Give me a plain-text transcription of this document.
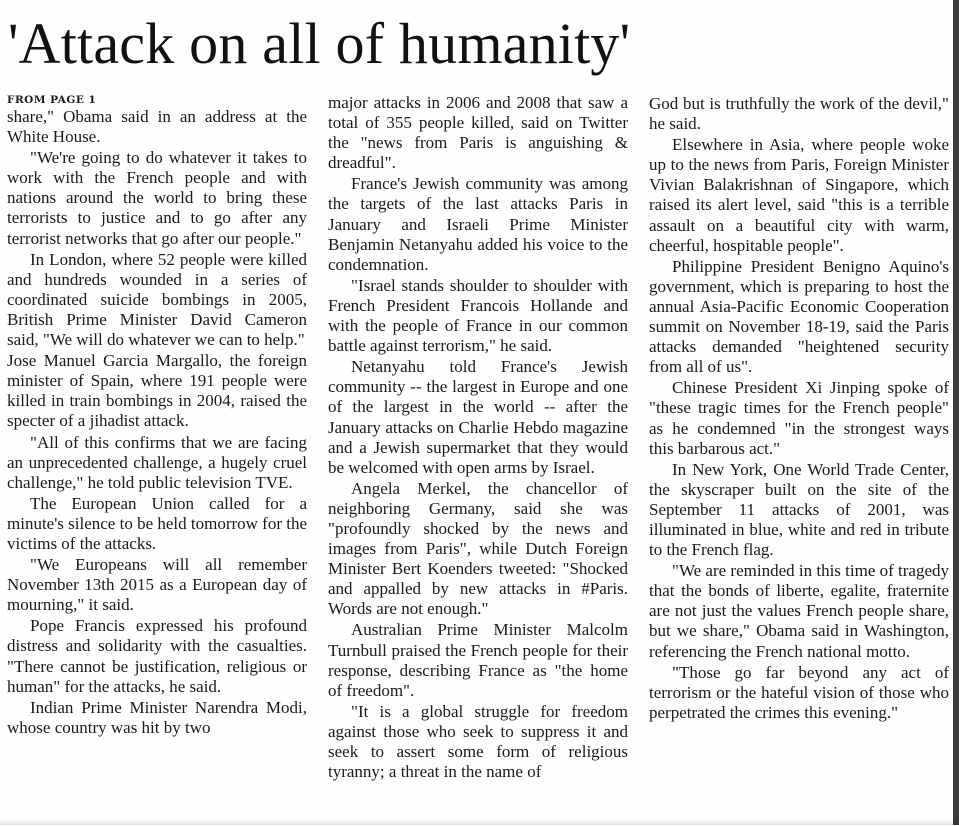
'Attack on all of humanity'
FROM PAGE 1

share," Obama said in an address at the White House.

"We're going to do whatever it takes to work with the French people and with nations around the world to bring these terrorists to justice and to go after any terrorist networks that go after our people."

In London, where 52 people were killed and hundreds wounded in a series of coordinated suicide bombings in 2005, British Prime Minister David Cameron said, "We will do whatever we can to help."

Jose Manuel Garcia Margallo, the foreign minister of Spain, where 191 people were killed in train bombings in 2004, raised the specter of a jihadist attack.

"All of this confirms that we are facing an unprecedented challenge, a hugely cruel challenge," he told public television TVE.

The European Union called for a minute's silence to be held tomorrow for the victims of the attacks.

"We Europeans will all remember November 13th 2015 as a European day of mourning," it said.

Pope Francis expressed his profound distress and solidarity with the casualties. "There cannot be justification, religious or human" for the attacks, he said.

Indian Prime Minister Narendra Modi, whose country was hit by two

major attacks in 2006 and 2008 that saw a total of 355 people killed, said on Twitter the "news from Paris is anguishing & dreadful".

France's Jewish community was among the targets of the last attacks Paris in January and Israeli Prime Minister Benjamin Netanyahu added his voice to the condemnation.

"Israel stands shoulder to shoulder with French President Francois Hollande and with the people of France in our common battle against terrorism," he said.

Netanyahu told France's Jewish community -- the largest in Europe and one of the largest in the world -- after the January attacks on Charlie Hebdo magazine and a Jewish supermarket that they would be welcomed with open arms by Israel.

Angela Merkel, the chancellor of neighboring Germany, said she was "profoundly shocked by the news and images from Paris", while Dutch Foreign Minister Bert Koenders tweeted: "Shocked and appalled by new attacks in #Paris. Words are not enough."

Australian Prime Minister Malcolm Turnbull praised the French people for their response, describing France as "the home of freedom".

"It is a global struggle for freedom against those who seek to suppress it and seek to assert some form of religious tyranny; a threat in the name of

God but is truthfully the work of the devil," he said.

Elsewhere in Asia, where people woke up to the news from Paris, Foreign Minister Vivian Balakrishnan of Singapore, which raised its alert level, said "this is a terrible assault on a beautiful city with warm, cheerful, hospitable people".

Philippine President Benigno Aquino's government, which is preparing to host the annual Asia-Pacific Economic Cooperation summit on November 18-19, said the Paris attacks demanded "heightened security from all of us".

Chinese President Xi Jinping spoke of "these tragic times for the French people" as he condemned "in the strongest ways this barbarous act."

In New York, One World Trade Center, the skyscraper built on the site of the September 11 attacks of 2001, was illuminated in blue, white and red in tribute to the French flag.

"We are reminded in this time of tragedy that the bonds of liberte, egalite, fraternite are not just the values French people share, but we share," Obama said in Washington, referencing the French national motto.

"Those go far beyond any act of terrorism or the hateful vision of those who perpetrated the crimes this evening."
